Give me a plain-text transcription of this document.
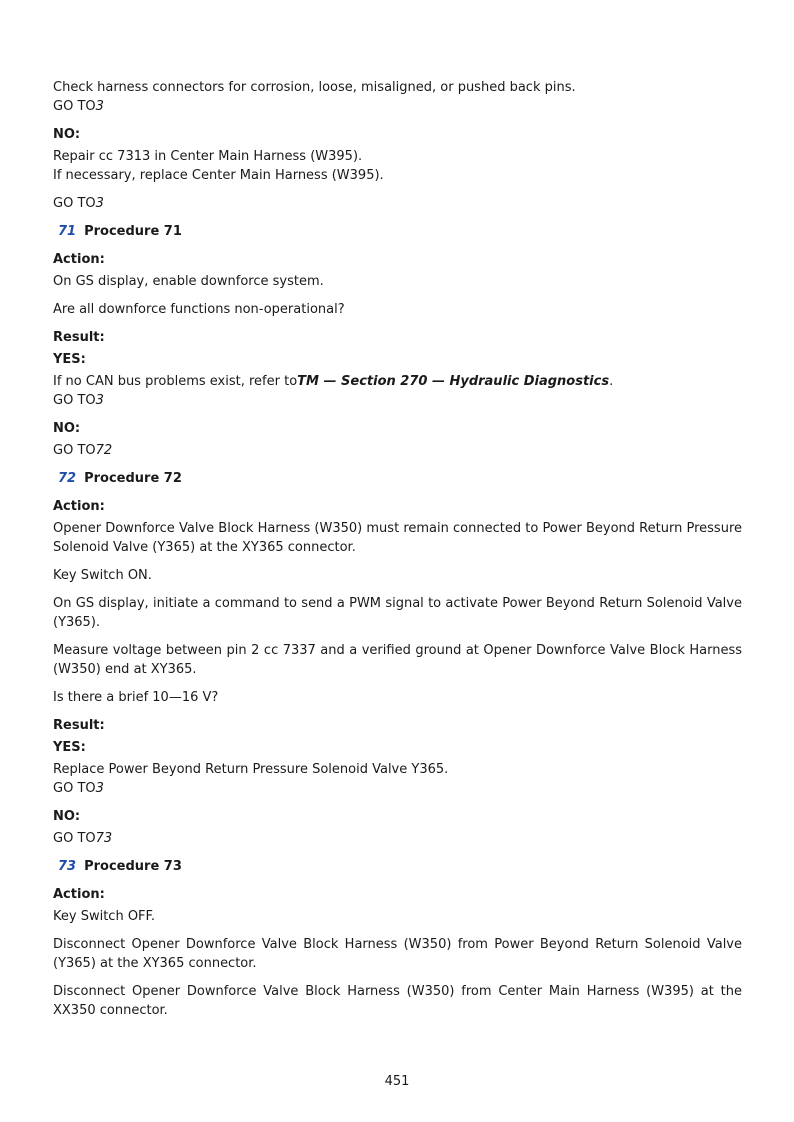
Check harness connectors for corrosion, loose, misaligned, or pushed back pins.

GO TO3

NO:

Repair cc 7313 in Center Main Harness (W395).

If necessary, replace Center Main Harness (W395).

GO TO3

71 Procedure 71

Action:

On GS display, enable downforce system.

Are all downforce functions non-operational?

Result:

YES:

If no CAN bus problems exist, refer toTM — Section 270 — Hydraulic Diagnostics.

GO TO3

NO:

GO TO72

72 Procedure 72

Action:

Opener Downforce Valve Block Harness (W350) must remain connected to Power Beyond Return Pressure Solenoid Valve (Y365) at the XY365 connector.

Key Switch ON.

On GS display, initiate a command to send a PWM signal to activate Power Beyond Return Solenoid Valve (Y365).

Measure voltage between pin 2 cc 7337 and a verified ground at Opener Downforce Valve Block Harness (W350) end at XY365.

Is there a brief 10—16 V?

Result:

YES:

Replace Power Beyond Return Pressure Solenoid Valve Y365.

GO TO3

NO:

GO TO73

73 Procedure 73

Action:

Key Switch OFF.

Disconnect Opener Downforce Valve Block Harness (W350) from Power Beyond Return Solenoid Valve (Y365) at the XY365 connector.

Disconnect Opener Downforce Valve Block Harness (W350) from Center Main Harness (W395) at the XX350 connector.

451
